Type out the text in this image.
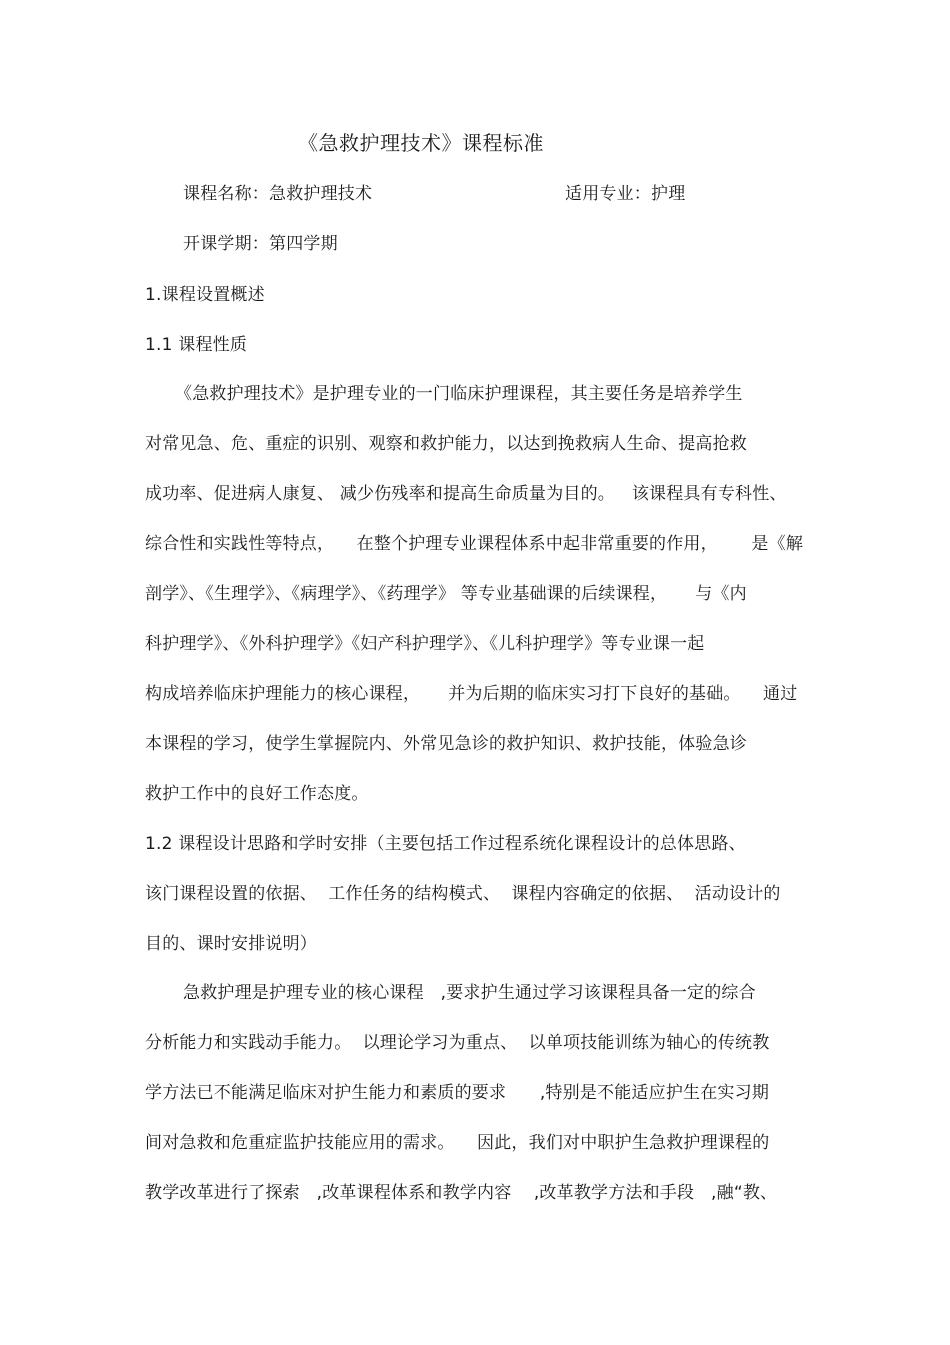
《急救护理技术》课程标准
课程名称：急救护理技术	适用专业：护理
开课学期：第四学期
1.课程设置概述
1.1 课程性质
《急救护理技术》是护理专业的一门临床护理课程，其主要任务是培养学生
对常见急、危、重症的识别、观察和救护能力，以达到挽救病人生命、提高抢救
成功率、促进病人康复、 减少伤残率和提高生命质量为目的。   该课程具有专科性、
综合性和实践性等特点，    在整个护理专业课程体系中起非常重要的作用，      是《解
剖学》、《生理学》、《病理学》、《药理学》 等专业基础课的后续课程，     与《内
科护理学》、《外科护理学》《妇产科护理学》、《儿科护理学》等专业课一起
构成培养临床护理能力的核心课程，     并为后期的临床实习打下良好的基础。    通过
本课程的学习，使学生掌握院内、外常见急诊的救护知识、救护技能，体验急诊
救护工作中的良好工作态度。
1.2 课程设计思路和学时安排（主要包括工作过程系统化课程设计的总体思路、
该门课程设置的依据、  工作任务的结构模式、  课程内容确定的依据、  活动设计的
目的、课时安排说明）
急救护理是护理专业的核心课程   ,要求护生通过学习该课程具备一定的综合
分析能力和实践动手能力。  以理论学习为重点、  以单项技能训练为轴心的传统教
学方法已不能满足临床对护生能力和素质的要求      ,特别是不能适应护生在实习期
间对急救和危重症监护技能应用的需求。    因此，我们对中职护生急救护理课程的
教学改革进行了探索   ,改革课程体系和教学内容    ,改革教学方法和手段   ,融“教、
